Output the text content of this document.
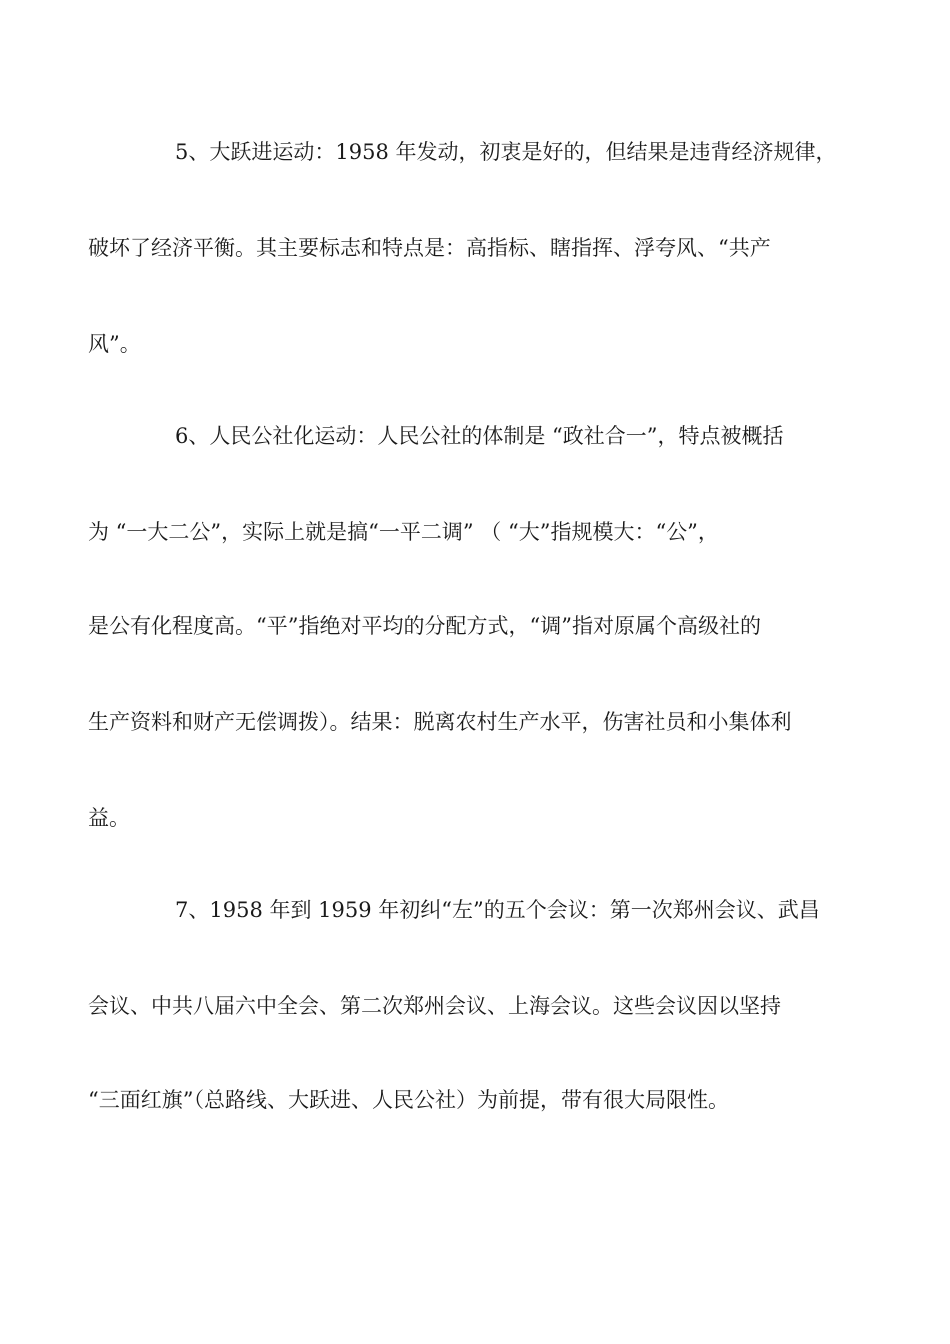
5、大跃进运动：1958 年发动，初衷是好的，但结果是违背经济规律，
破坏了经济平衡。其主要标志和特点是：高指标、瞎指挥、浮夸风、“共产
风”。
6、人民公社化运动：人民公社的体制是 “政社合一”，特点被概括
为 “一大二公”，实际上就是搞“一平二调” （ “大”指规模大：“公”，
是公有化程度高。“平”指绝对平均的分配方式，“调”指对原属个高级社的
生产资料和财产无偿调拨）。结果：脱离农村生产水平，伤害社员和小集体利
益。
7、1958 年到 1959 年初纠“左”的五个会议：第一次郑州会议、武昌
会议、中共八届六中全会、第二次郑州会议、上海会议。这些会议因以坚持
“三面红旗”（总路线、大跃进、人民公社）为前提，带有很大局限性。
